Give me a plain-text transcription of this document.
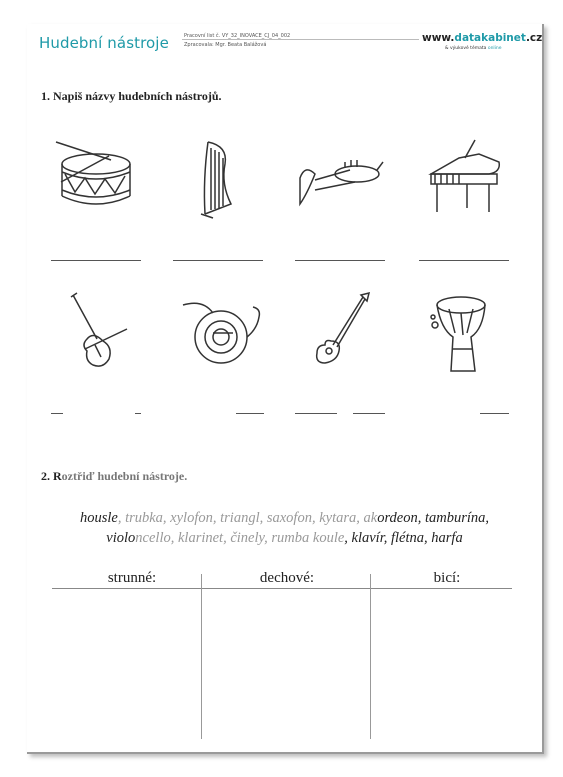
Hudební nástroje	Pracovní list č. VY_32_INOVACE_CJ_04_002
Zpracovala: Mgr. Beata Balážová
www.datakabinet.cz
& výukové témata online
1. Napiš názvy hudebních nástrojů.
2. Roztřiď hudební nástroje.
housle, trubka, xylofon, triangl, saxofon, kytara, akordeon, tamburína,
violoncello, klarinet, činely, rumba koule, klavír, flétna, harfa
strunné:	dechové:	bicí:
